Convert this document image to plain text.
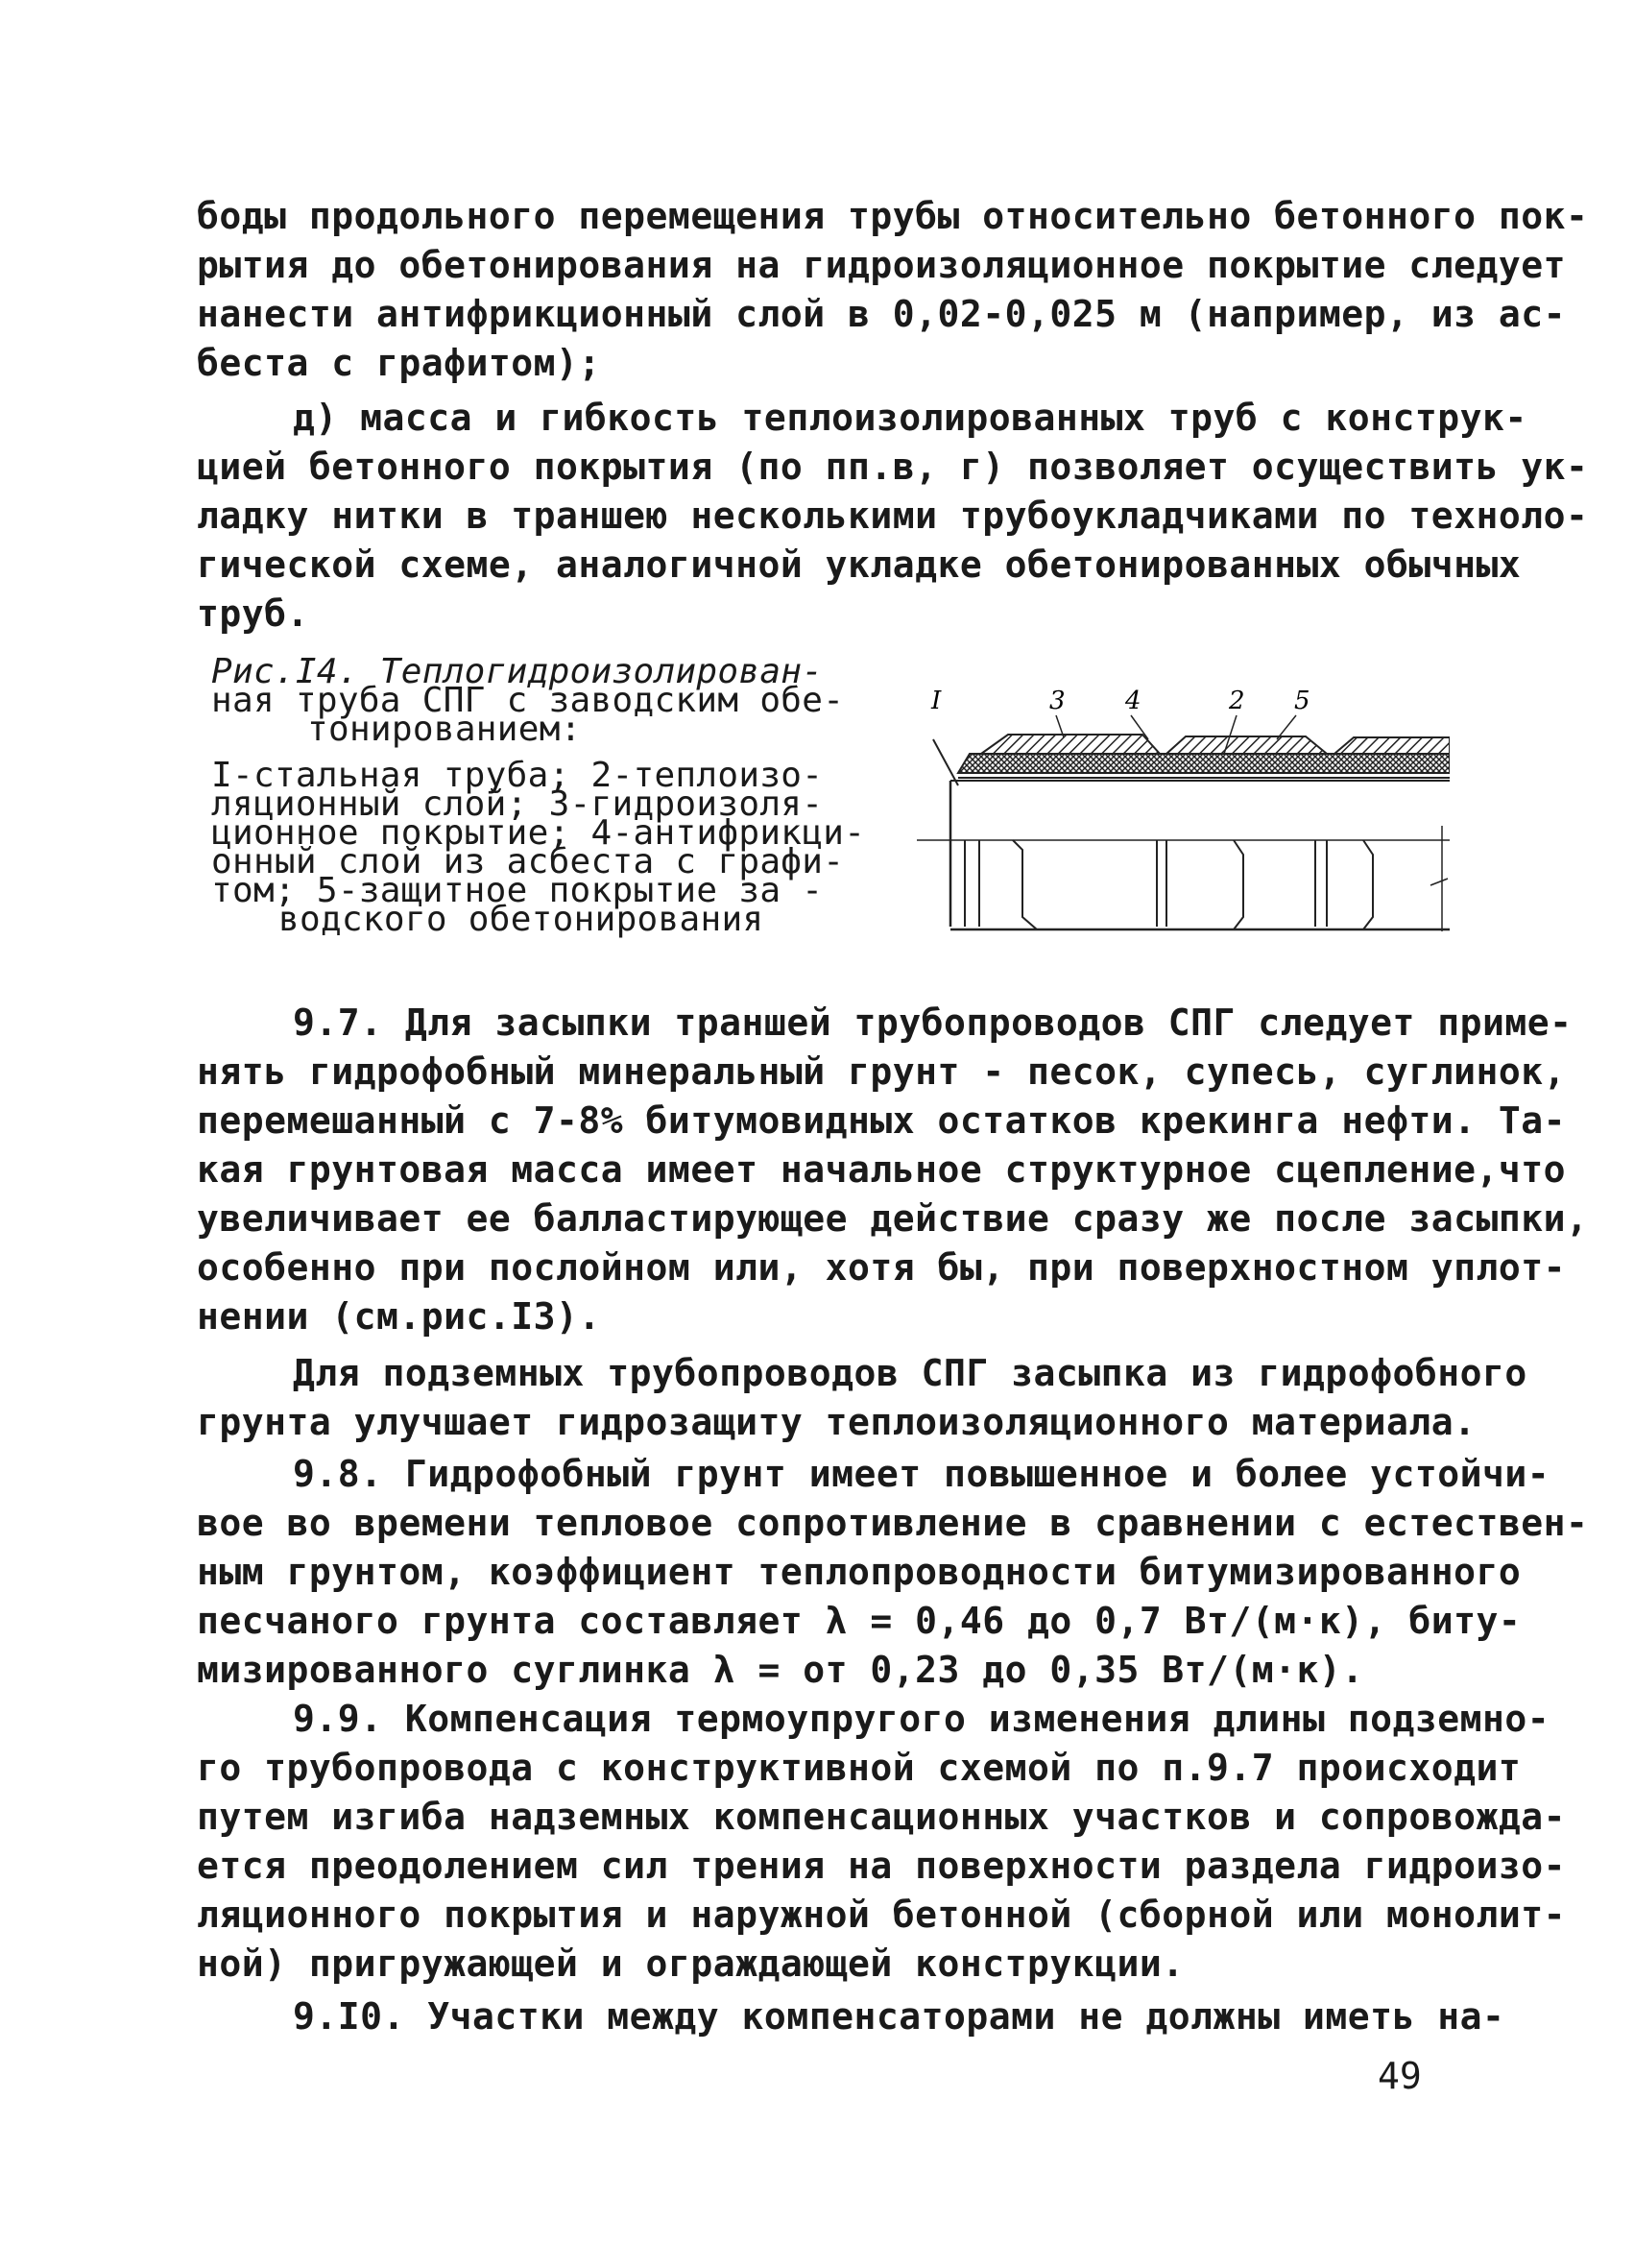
боды продольного перемещения трубы относительно бетонного пок-
рытия до обетонирования на гидроизоляционное покрытие следует
нанести антифрикционный слой в 0,02-0,025 м (например, из ас-
беста с графитом);
д) масса и гибкость теплоизолированных труб с конструк-
цией бетонного покрытия (по пп.в, г) позволяет осуществить ук-
ладку нитки в траншею несколькими трубоукладчиками по техноло-
гической схеме, аналогичной укладке обетонированных обычных
труб.
Рис.I4. Теплогидроизолирован-
ная труба СПГ с заводским обе-
тонированием:
I-стальная труба; 2-теплоизо-
ляционный слой; 3-гидроизоля-
ционное покрытие; 4-антифрикци-
онный слой из асбеста с графи-
том; 5-защитное покрытие за -
водского обетонирования
I	3 4	2 5
9.7. Для засыпки траншей трубопроводов СПГ следует приме-
нять гидрофобный минеральный грунт - песок, супесь, суглинок,
перемешанный с 7-8% битумовидных остатков крекинга нефти. Та-
кая грунтовая масса имеет начальное структурное сцепление,что
увеличивает ее балластирующее действие сразу же после засыпки,
особенно при послойном или, хотя бы, при поверхностном уплот-
нении (см.рис.I3).
Для подземных трубопроводов СПГ засыпка из гидрофобного
грунта улучшает гидрозащиту теплоизоляционного материала.
9.8. Гидрофобный грунт имеет повышенное и более устойчи-
вое во времени тепловое сопротивление в сравнении с естествен-
ным грунтом, коэффициент теплопроводности битумизированного
песчаного грунта составляет λ = 0,46 до 0,7 Вт/(м·к), биту-
мизированного суглинка λ = от 0,23 до 0,35 Вт/(м·к).
9.9. Компенсация термоупругого изменения длины подземно-
го трубопровода с конструктивной схемой по п.9.7 происходит
путем изгиба надземных компенсационных участков и сопровожда-
ется преодолением сил трения на поверхности раздела гидроизо-
ляционного покрытия и наружной бетонной (сборной или монолит-
ной) пригружающей и ограждающей конструкции.
9.I0. Участки между компенсаторами не должны иметь на-
49
